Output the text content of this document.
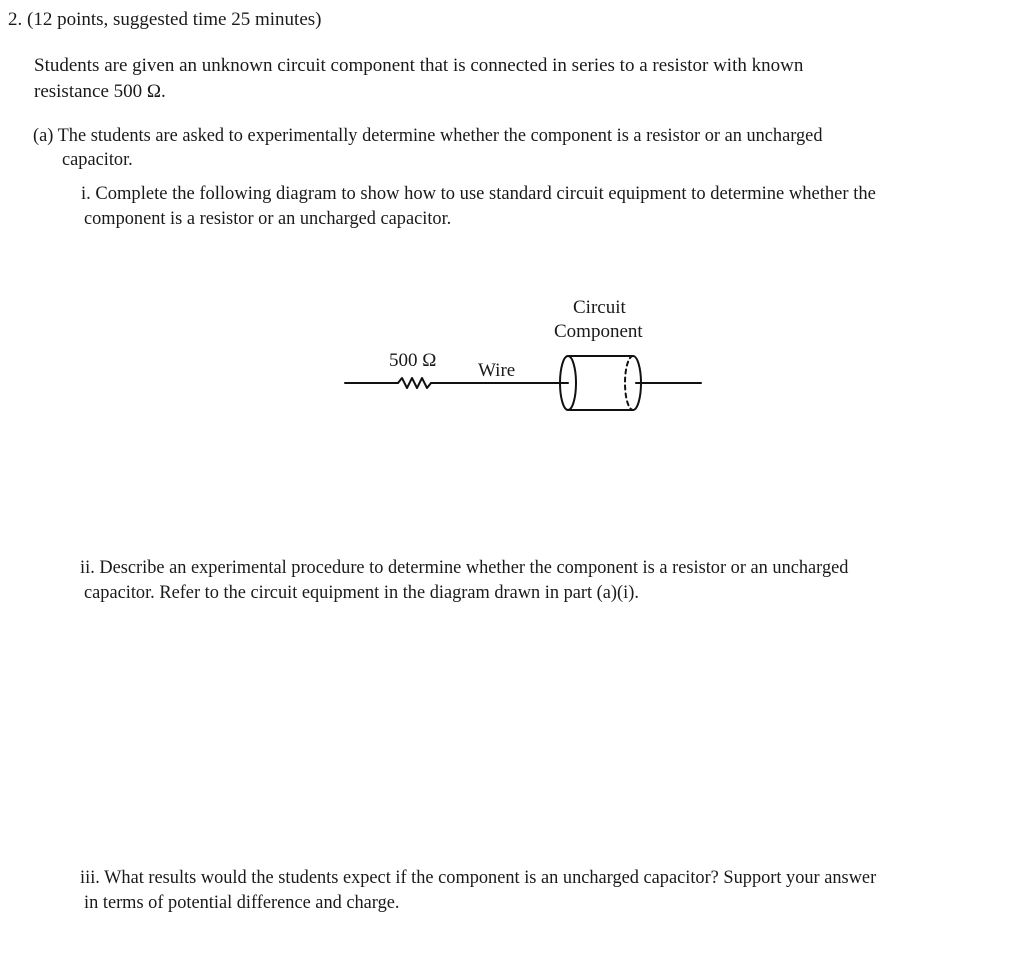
2. (12 points, suggested time 25 minutes)
Students are given an unknown circuit component that is connected in series to a resistor with known
resistance 500 Ω.
(a) The students are asked to experimentally determine whether the component is a resistor or an uncharged
capacitor.
i. Complete the following diagram to show how to use standard circuit equipment to determine whether the
component is a resistor or an uncharged capacitor.
500 Ω Wire
Circuit
Component
ii. Describe an experimental procedure to determine whether the component is a resistor or an uncharged
capacitor. Refer to the circuit equipment in the diagram drawn in part (a)(i).
iii. What results would the students expect if the component is an uncharged capacitor? Support your answer
in terms of potential difference and charge.
